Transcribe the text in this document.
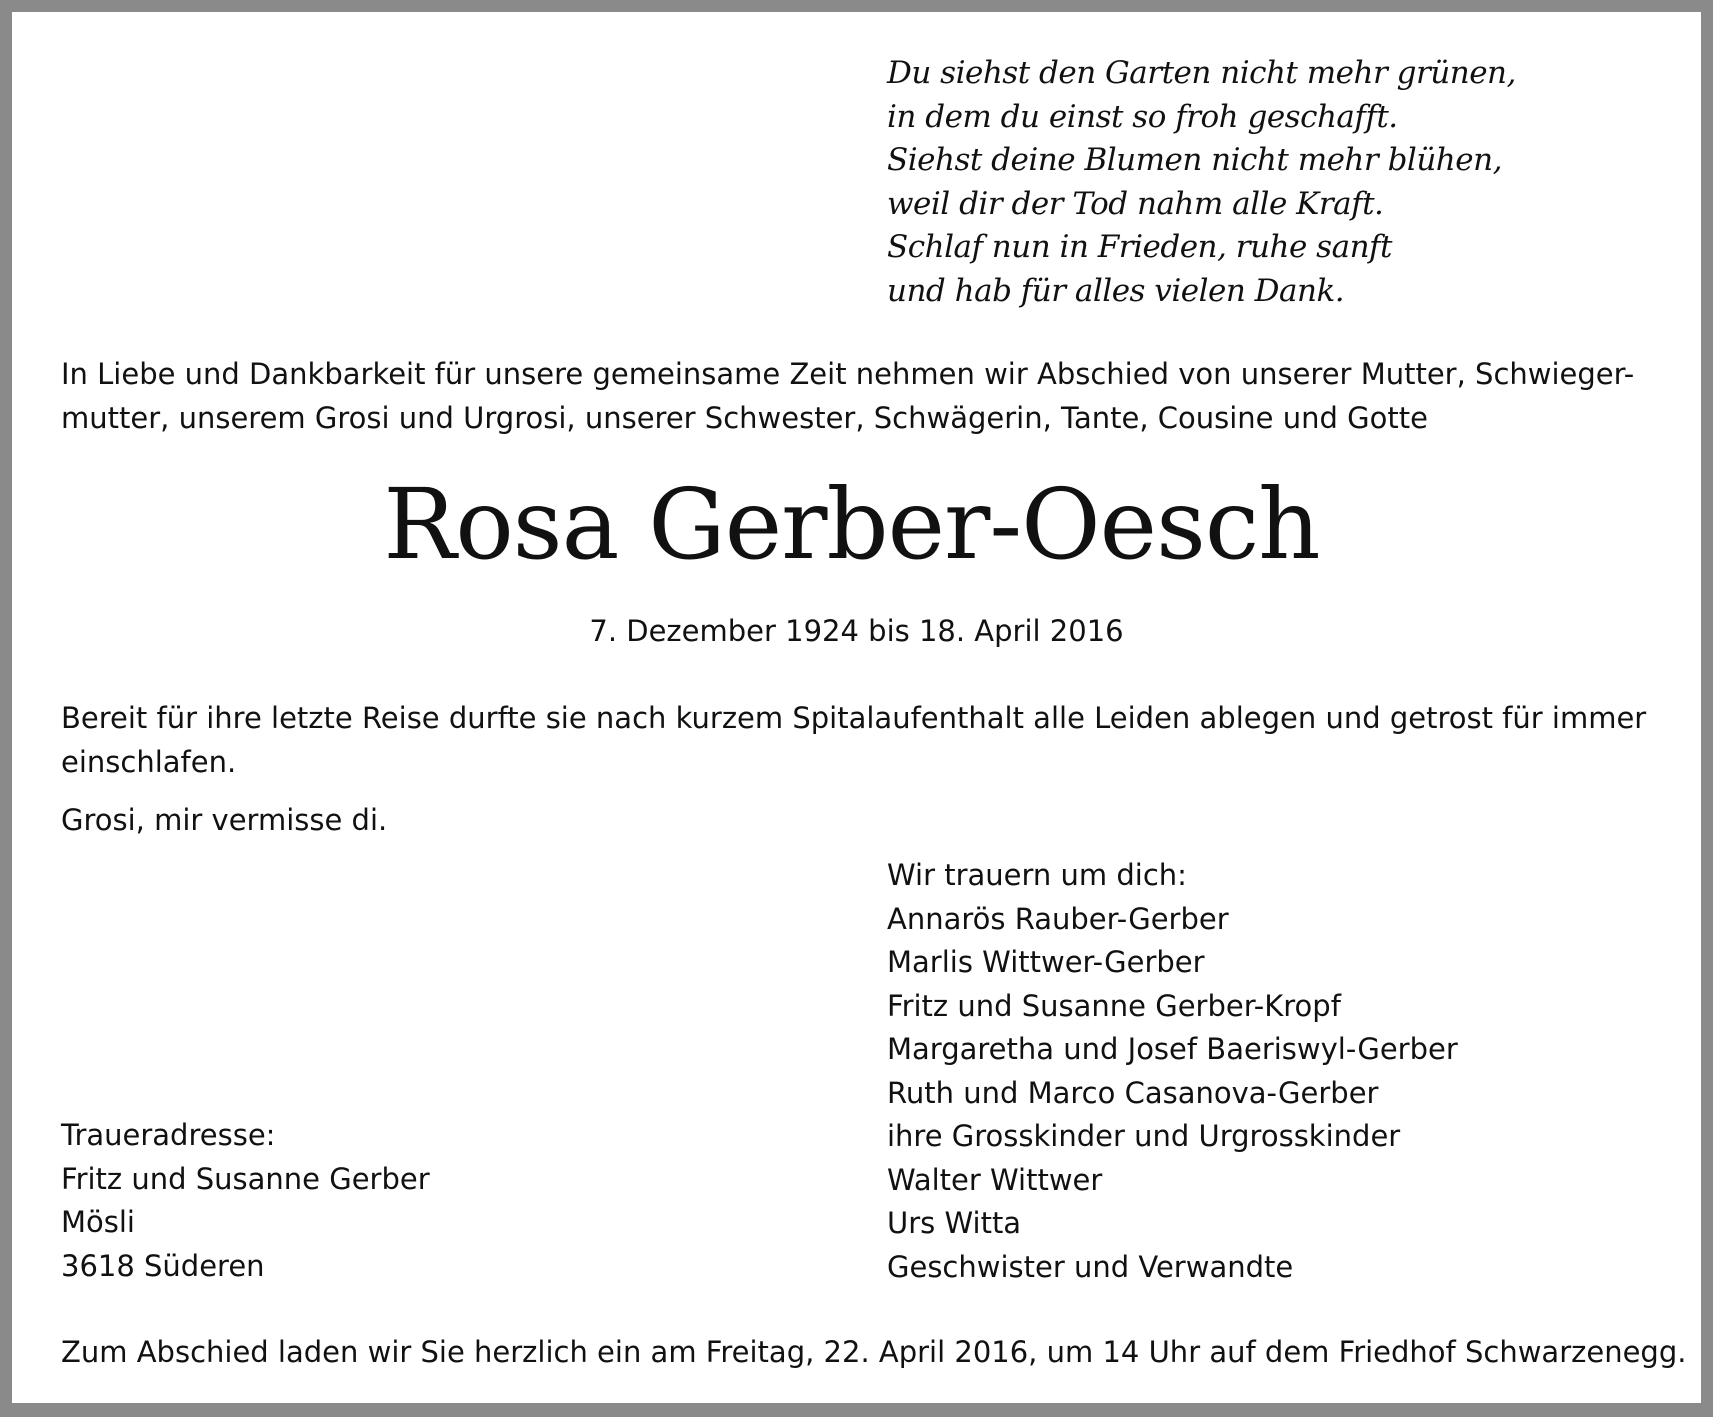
Du siehst den Garten nicht mehr grünen,
in dem du einst so froh geschafft.
Siehst deine Blumen nicht mehr blühen,
weil dir der Tod nahm alle Kraft.
Schlaf nun in Frieden, ruhe sanft
und hab für alles vielen Dank.
In Liebe und Dankbarkeit für unsere gemeinsame Zeit nehmen wir Abschied von unserer Mutter, Schwieger-
mutter, unserem Grosi und Urgrosi, unserer Schwester, Schwägerin, Tante, Cousine und Gotte
Rosa Gerber-Oesch
7. Dezember 1924 bis 18. April 2016
Bereit für ihre letzte Reise durfte sie nach kurzem Spitalaufenthalt alle Leiden ablegen und getrost für immer
einschlafen.
Grosi, mir vermisse di.
Wir trauern um dich:
Annarös Rauber-Gerber
Marlis Wittwer-Gerber
Fritz und Susanne Gerber-Kropf
Margaretha und Josef Baeriswyl-Gerber
Ruth und Marco Casanova-Gerber
ihre Grosskinder und Urgrosskinder
Walter Wittwer
Urs Witta
Geschwister und Verwandte
Traueradresse:
Fritz und Susanne Gerber
Mösli
3618 Süderen
Zum Abschied laden wir Sie herzlich ein am Freitag, 22. April 2016, um 14 Uhr auf dem Friedhof Schwarzenegg.
